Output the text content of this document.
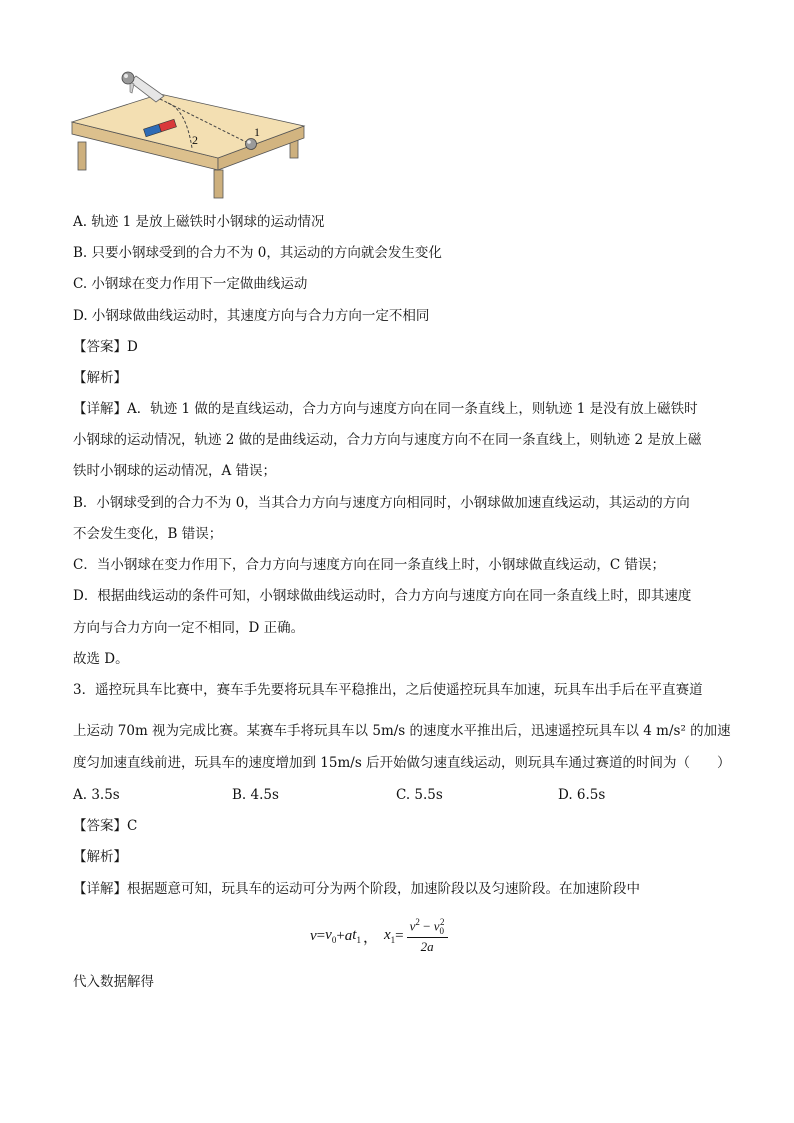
1
2
A. 轨迹 1 是放上磁铁时小钢球的运动情况
B. 只要小钢球受到的合力不为 0，其运动的方向就会发生变化
C. 小钢球在变力作用下一定做曲线运动
D. 小钢球做曲线运动时，其速度方向与合力方向一定不相同
【答案】D
【解析】
【详解】A．轨迹 1 做的是直线运动，合力方向与速度方向在同一条直线上，则轨迹 1 是没有放上磁铁时
小钢球的运动情况，轨迹 2 做的是曲线运动，合力方向与速度方向不在同一条直线上，则轨迹 2 是放上磁
铁时小钢球的运动情况，A 错误；
B．小钢球受到的合力不为 0，当其合力方向与速度方向相同时，小钢球做加速直线运动，其运动的方向
不会发生变化，B 错误；
C．当小钢球在变力作用下，合力方向与速度方向在同一条直线上时，小钢球做直线运动，C 错误；
D．根据曲线运动的条件可知，小钢球做曲线运动时，合力方向与速度方向在同一条直线上时，即其速度
方向与合力方向一定不相同，D 正确。
故选 D。
3．遥控玩具车比赛中，赛车手先要将玩具车平稳推出，之后使遥控玩具车加速，玩具车出手后在平直赛道
上运动 70m 视为完成比赛。某赛车手将玩具车以 5m/s 的速度水平推出后，迅速遥控玩具车以 4 m/s² 的加速
度匀加速直线前进，玩具车的速度增加到 15m/s 后开始做匀速直线运动，则玩具车通过赛道的时间为（　　）
A. 3.5s	B. 4.5s	C. 5.5s	D. 6.5s
【答案】C
【解析】
【详解】根据题意可知，玩具车的运动可分为两个阶段，加速阶段以及匀速阶段。在加速阶段中
$v = v_0 + a$ $t_1$ ， $x_1 = \frac{v^2 - v_0^2}{2a}$
代入数据解得
